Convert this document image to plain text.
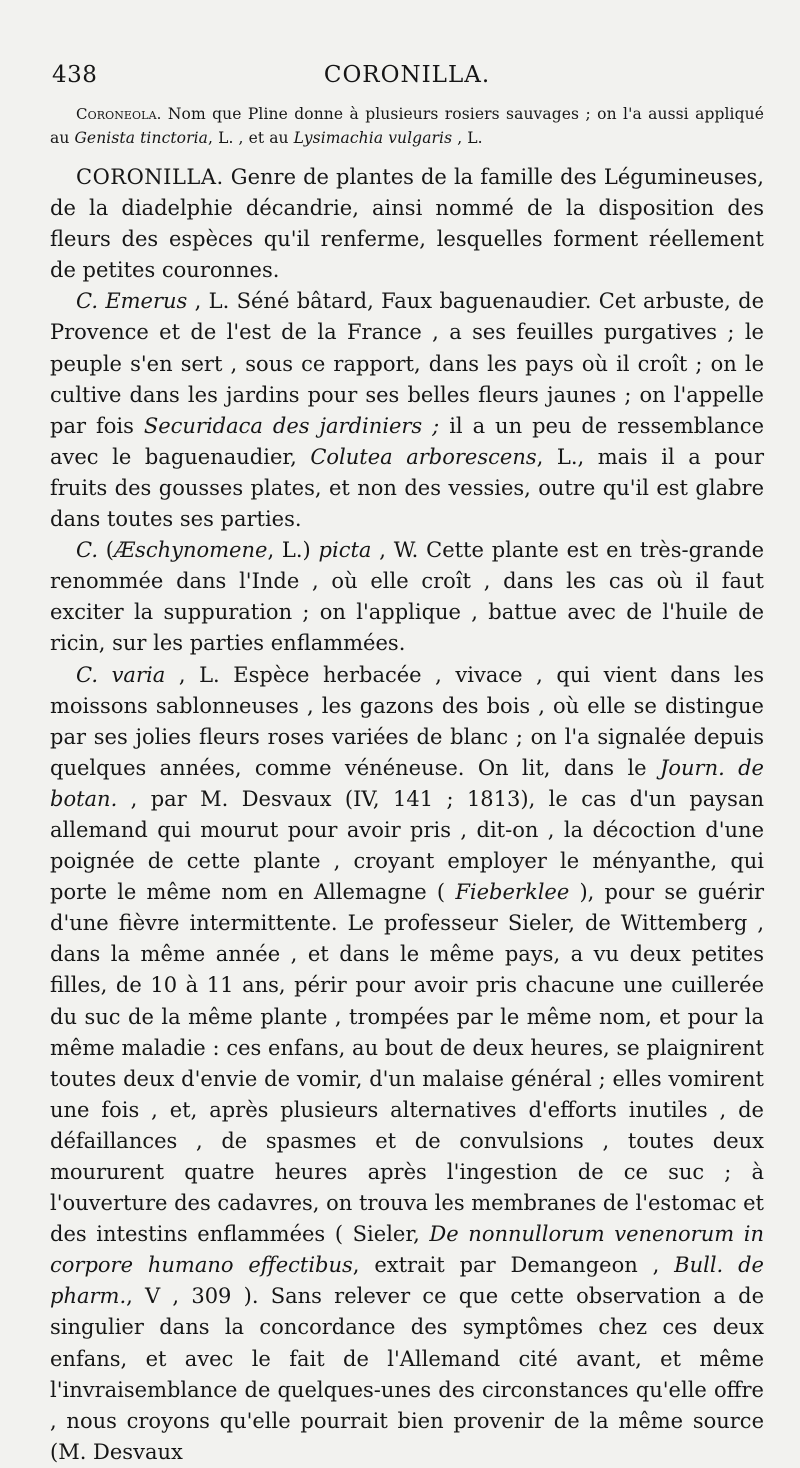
438	CORONILLA.

Coroneola. Nom que Pline donne à plusieurs rosiers sauvages ; on l'a aussi appliqué au Genista tinctoria, L. , et au Lysimachia vulgaris , L.

CORONILLA. Genre de plantes de la famille des Légumineuses, de la diadelphie décandrie, ainsi nommé de la disposition des fleurs des espèces qu'il renferme, lesquelles forment réellement de petites couronnes.

C. Emerus , L. Séné bâtard, Faux baguenaudier. Cet arbuste, de Provence et de l'est de la France , a ses feuilles purgatives ; le peuple s'en sert , sous ce rapport, dans les pays où il croît ; on le cultive dans les jardins pour ses belles fleurs jaunes ; on l'appelle par fois Securidaca des jardiniers ; il a un peu de ressemblance avec le baguenaudier, Colutea arborescens, L., mais il a pour fruits des gousses plates, et non des vessies, outre qu'il est glabre dans toutes ses parties.

C. (Æschynomene, L.) picta , W. Cette plante est en très-grande renommée dans l'Inde , où elle croît , dans les cas où il faut exciter la suppuration ; on l'applique , battue avec de l'huile de ricin, sur les parties enflammées.

C. varia , L. Espèce herbacée , vivace , qui vient dans les moissons sablonneuses , les gazons des bois , où elle se distingue par ses jolies fleurs roses variées de blanc ; on l'a signalée depuis quelques années, comme vénéneuse. On lit, dans le Journ. de botan. , par M. Desvaux (IV, 141 ; 1813), le cas d'un paysan allemand qui mourut pour avoir pris , dit-on , la décoction d'une poignée de cette plante , croyant employer le ményanthe, qui porte le même nom en Allemagne ( Fieberklee ), pour se guérir d'une fièvre intermittente. Le professeur Sieler, de Wittemberg , dans la même année , et dans le même pays, a vu deux petites filles, de 10 à 11 ans, périr pour avoir pris chacune une cuillerée du suc de la même plante , trompées par le même nom, et pour la même maladie : ces enfans, au bout de deux heures, se plaignirent toutes deux d'envie de vomir, d'un malaise général ; elles vomirent une fois , et, après plusieurs alternatives d'efforts inutiles , de défaillances , de spasmes et de convulsions , toutes deux moururent quatre heures après l'ingestion de ce suc ; à l'ouverture des cadavres, on trouva les membranes de l'estomac et des intestins enflammées ( Sieler, De nonnullorum venenorum in corpore humano effectibus, extrait par Demangeon , Bull. de pharm., V , 309 ). Sans relever ce que cette observation a de singulier dans la concordance des symptômes chez ces deux enfans, et avec le fait de l'Allemand cité avant, et même l'invraisemblance de quelques-unes des circonstances qu'elle offre , nous croyons qu'elle pourrait bien provenir de la même source (M. Desvaux
